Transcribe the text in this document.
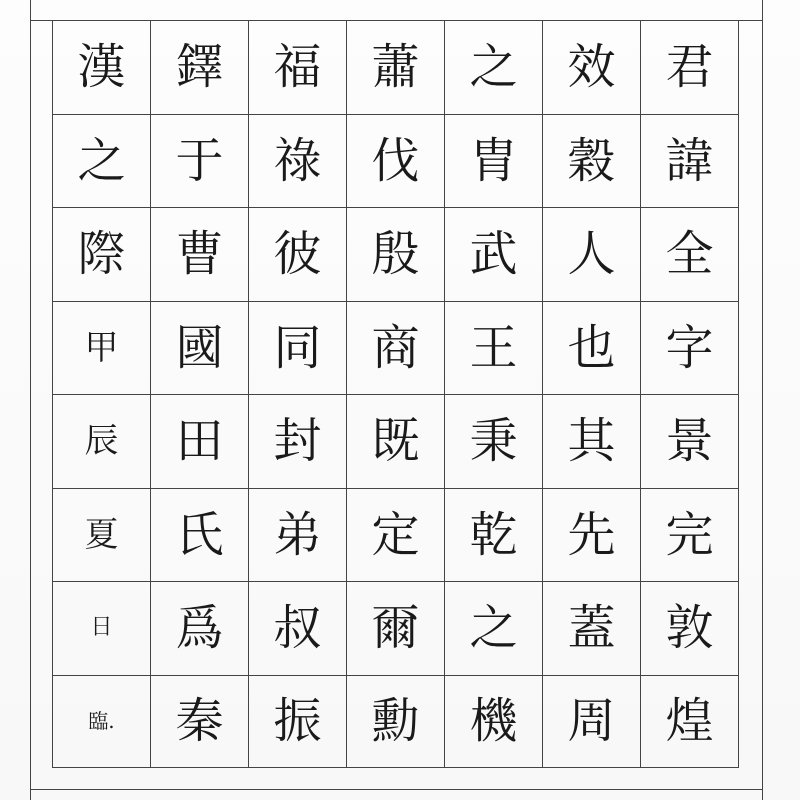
漢	鐸	福	蕭	之	效	君
之	于	祿	伐	胄	穀	諱
際	曹	彼	殷	武	人	全
甲	國	同	商	王	也	字
辰	田	封	既	秉	其	景
夏	氏	弟	定	乾	先	完
日	爲	叔	爾	之	蓋	敦
臨.	秦	振	勳	機	周	煌
